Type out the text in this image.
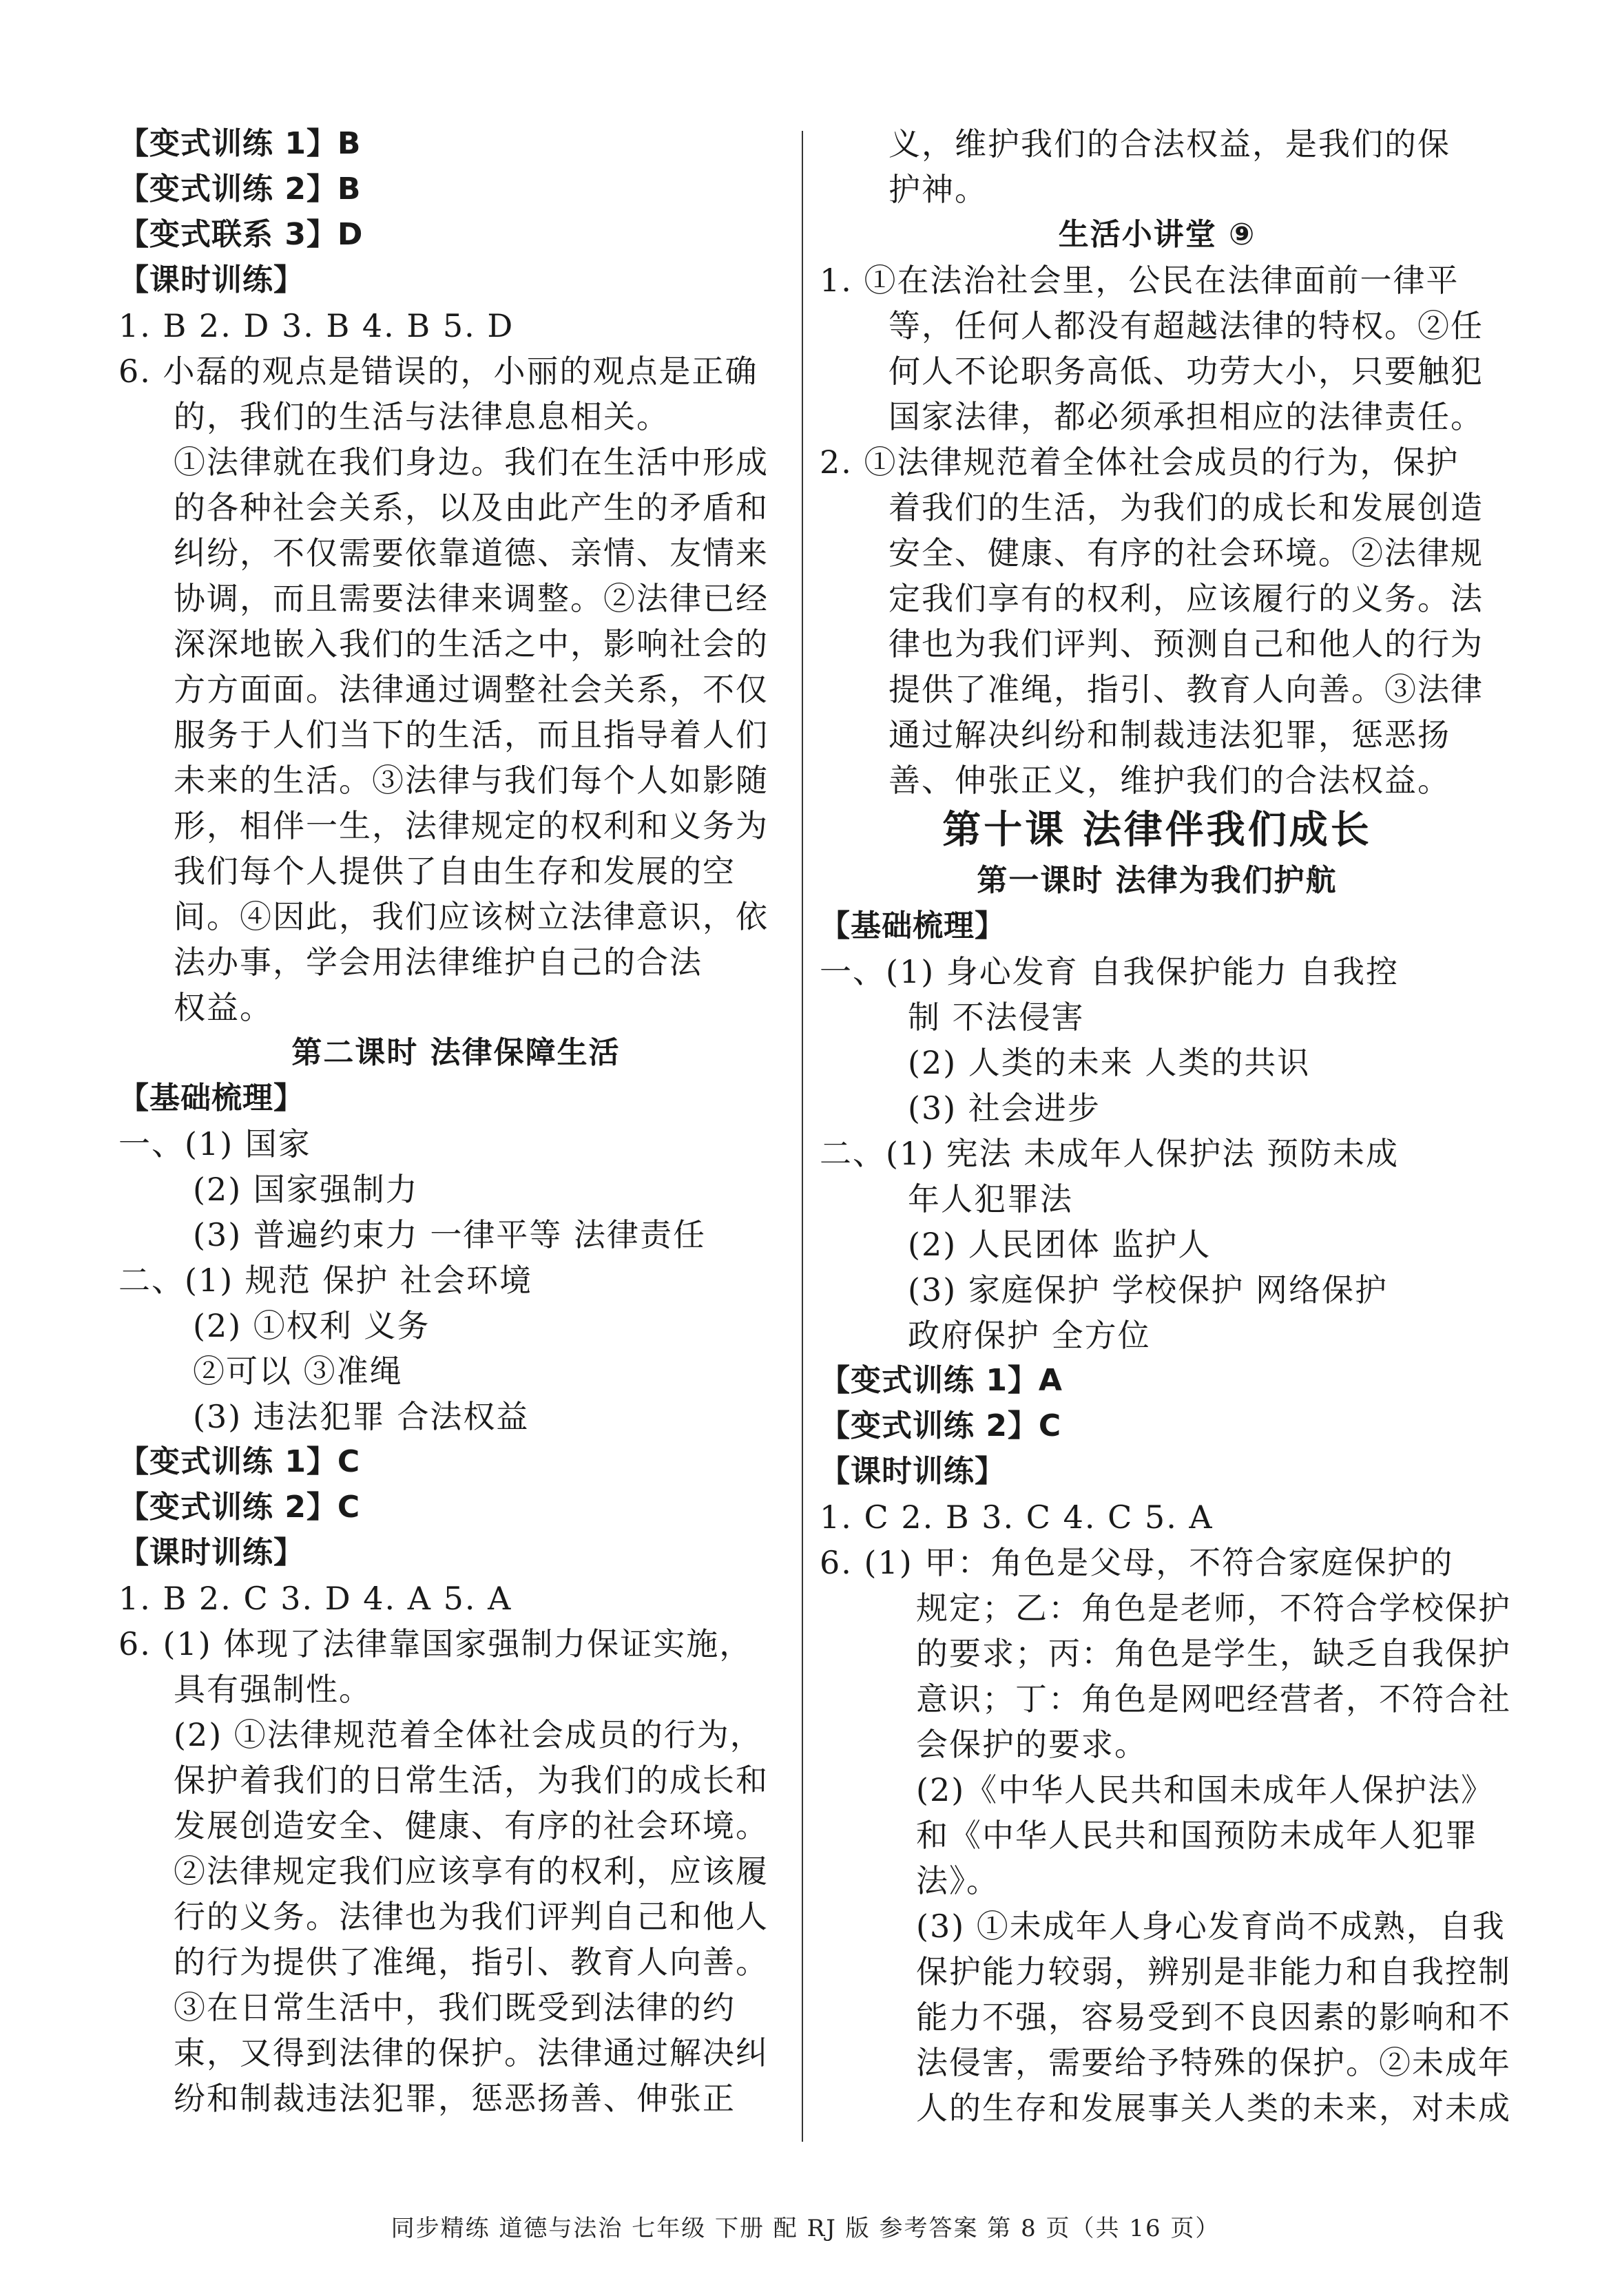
【变式训练 1】B
【变式训练 2】B
【变式联系 3】D
【课时训练】
1. B 2. D 3. B 4. B 5. D
6. 小磊的观点是错误的，小丽的观点是正确
的，我们的生活与法律息息相关。
①法律就在我们身边。我们在生活中形成
的各种社会关系，以及由此产生的矛盾和
纠纷，不仅需要依靠道德、亲情、友情来
协调，而且需要法律来调整。②法律已经
深深地嵌入我们的生活之中，影响社会的
方方面面。法律通过调整社会关系，不仅
服务于人们当下的生活，而且指导着人们
未来的生活。③法律与我们每个人如影随
形，相伴一生，法律规定的权利和义务为
我们每个人提供了自由生存和发展的空
间。④因此，我们应该树立法律意识，依
法办事，学会用法律维护自己的合法
权益。
第二课时 法律保障生活
【基础梳理】
一、(1) 国家
(2) 国家强制力
(3) 普遍约束力 一律平等 法律责任
二、(1) 规范 保护 社会环境
(2) ①权利 义务
②可以 ③准绳
(3) 违法犯罪 合法权益
【变式训练 1】C
【变式训练 2】C
【课时训练】
1. B 2. C 3. D 4. A 5. A
6. (1) 体现了法律靠国家强制力保证实施，
具有强制性。
(2) ①法律规范着全体社会成员的行为，
保护着我们的日常生活，为我们的成长和
发展创造安全、健康、有序的社会环境。
②法律规定我们应该享有的权利，应该履
行的义务。法律也为我们评判自己和他人
的行为提供了准绳，指引、教育人向善。
③在日常生活中，我们既受到法律的约
束，又得到法律的保护。法律通过解决纠
纷和制裁违法犯罪，惩恶扬善、伸张正
义，维护我们的合法权益，是我们的保
护神。
生活小讲堂 ⑨
1. ①在法治社会里，公民在法律面前一律平
等，任何人都没有超越法律的特权。②任
何人不论职务高低、功劳大小，只要触犯
国家法律，都必须承担相应的法律责任。
2. ①法律规范着全体社会成员的行为，保护
着我们的生活，为我们的成长和发展创造
安全、健康、有序的社会环境。②法律规
定我们享有的权利，应该履行的义务。法
律也为我们评判、预测自己和他人的行为
提供了准绳，指引、教育人向善。③法律
通过解决纠纷和制裁违法犯罪，惩恶扬
善、伸张正义，维护我们的合法权益。
第十课 法律伴我们成长
第一课时 法律为我们护航
【基础梳理】
一、(1) 身心发育 自我保护能力 自我控
制 不法侵害
(2) 人类的未来 人类的共识
(3) 社会进步
二、(1) 宪法 未成年人保护法 预防未成
年人犯罪法
(2) 人民团体 监护人
(3) 家庭保护 学校保护 网络保护
政府保护 全方位
【变式训练 1】A
【变式训练 2】C
【课时训练】
1. C 2. B 3. C 4. C 5. A
6. (1) 甲：角色是父母，不符合家庭保护的
规定；乙：角色是老师，不符合学校保护
的要求；丙：角色是学生，缺乏自我保护
意识；丁：角色是网吧经营者，不符合社
会保护的要求。
(2)《中华人民共和国未成年人保护法》
和《中华人民共和国预防未成年人犯罪
法》。
(3) ①未成年人身心发育尚不成熟，自我
保护能力较弱，辨别是非能力和自我控制
能力不强，容易受到不良因素的影响和不
法侵害，需要给予特殊的保护。②未成年
人的生存和发展事关人类的未来，对未成
同步精练 道德与法治 七年级 下册 配 RJ 版 参考答案 第 8 页（共 16 页）
